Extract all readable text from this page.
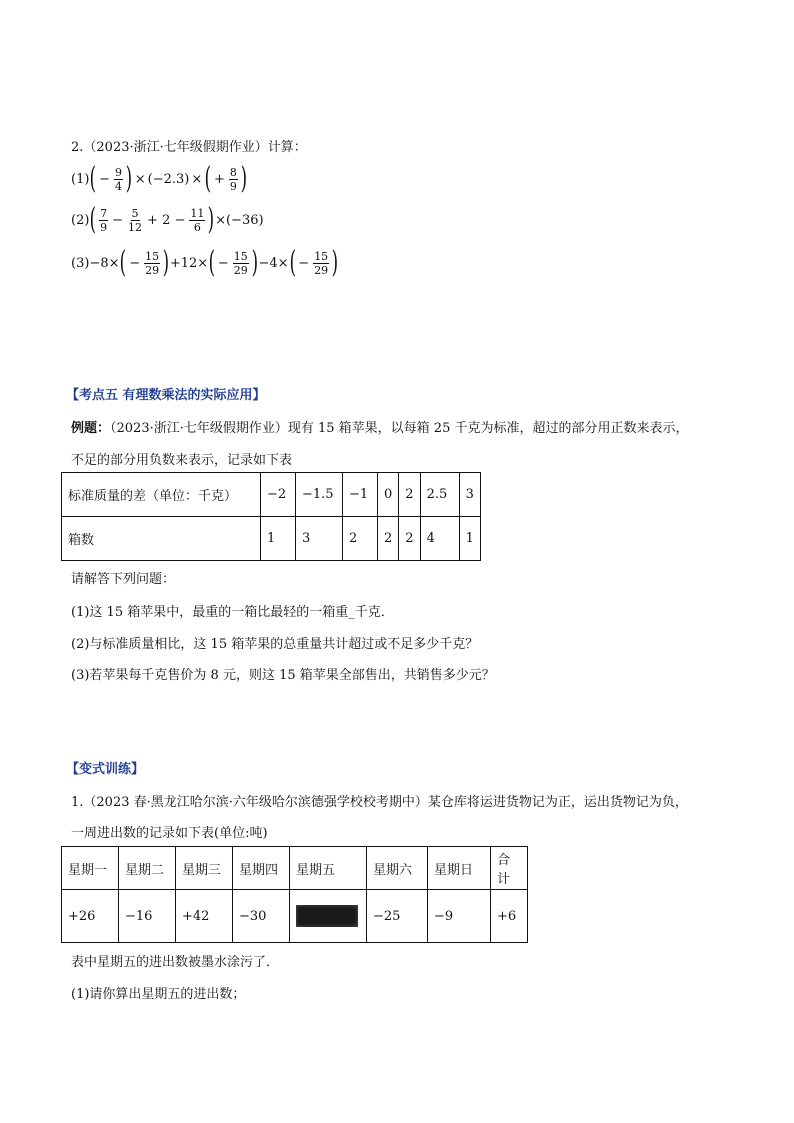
2.（2023·浙江·七年级假期作业）计算：
(1) ( − $\frac{9}{4}$ ) × (−2.3) × ( + $\frac{8}{9}$ )
(2) ( $\frac{7}{9} - \frac{5}{12} + 2 - \frac{11}{6}$ ) ×(−36)
(3) −8× ( − $\frac{15}{29}$ ) +12× ( − $\frac{15}{29}$ ) −4× ( − $\frac{15}{29}$ )
【考点五 有理数乘法的实际应用】
例题：（2023·浙江·七年级假期作业）现有 15 箱苹果，以每箱 25 千克为标准，超过的部分用正数来表示，
不足的部分用负数来表示，记录如下表
标准质量的差（单位：千克）	−2	−1.5	−1	0	2	2.5	3
箱数	1	3	2	2	2	4	1
请解答下列问题：
(1)这 15 箱苹果中，最重的一箱比最轻的一箱重_千克．
(2)与标准质量相比，这 15 箱苹果的总重量共计超过或不足多少千克？
(3)若苹果每千克售价为 8 元，则这 15 箱苹果全部售出，共销售多少元？
【变式训练】
1.（2023 春·黑龙江哈尔滨·六年级哈尔滨德强学校校考期中）某仓库将运进货物记为正，运出货物记为负，
一周进出数的记录如下表(单位:吨)
星期一	星期二	星期三	星期四	星期五	星期六	星期日	合计
+26	−16	+42	−30		−25	−9	+6
表中星期五的进出数被墨水涂污了．
(1)请你算出星期五的进出数；
